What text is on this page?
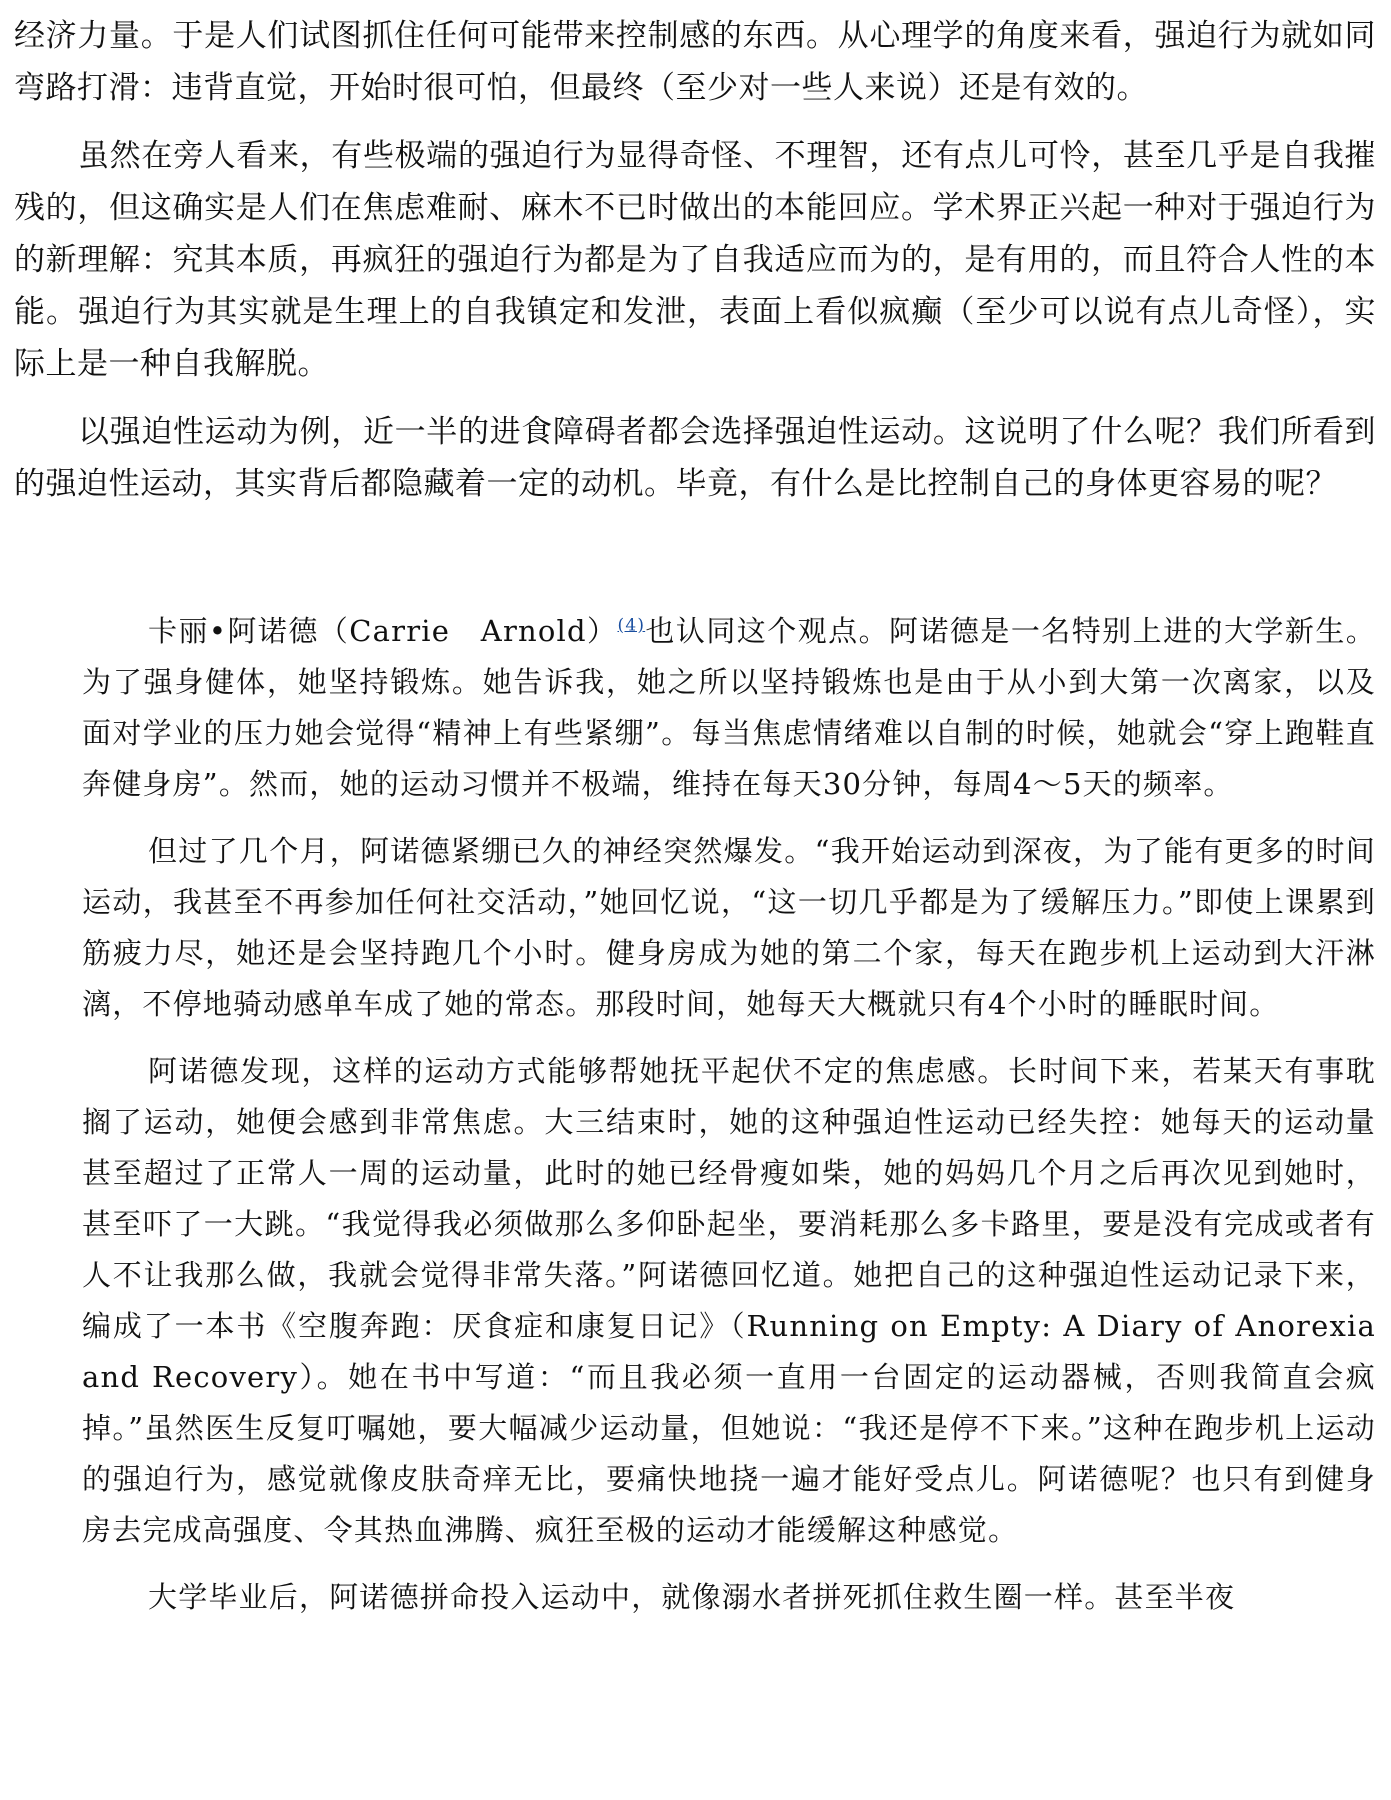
经济力量。于是人们试图抓住任何可能带来控制感的东西。从心理学的角度来看，强迫行为就如同弯路打滑：违背直觉，开始时很可怕，但最终（至少对一些人来说）还是有效的。

虽然在旁人看来，有些极端的强迫行为显得奇怪、不理智，还有点儿可怜，甚至几乎是自我摧残的，但这确实是人们在焦虑难耐、麻木不已时做出的本能回应。学术界正兴起一种对于强迫行为的新理解：究其本质，再疯狂的强迫行为都是为了自我适应而为的，是有用的，而且符合人性的本能。强迫行为其实就是生理上的自我镇定和发泄，表面上看似疯癫（至少可以说有点儿奇怪），实际上是一种自我解脱。

以强迫性运动为例，近一半的进食障碍者都会选择强迫性运动。这说明了什么呢？我们所看到的强迫性运动，其实背后都隐藏着一定的动机。毕竟，有什么是比控制自己的身体更容易的呢？

卡丽•阿诺德（Carrie　Arnold）$^{(4)}$也认同这个观点。阿诺德是一名特别上进的大学新生。为了强身健体，她坚持锻炼。她告诉我，她之所以坚持锻炼也是由于从小到大第一次离家，以及面对学业的压力她会觉得“精神上有些紧绷”。每当焦虑情绪难以自制的时候，她就会“穿上跑鞋直奔健身房”。然而，她的运动习惯并不极端，维持在每天30分钟，每周4～5天的频率。

但过了几个月，阿诺德紧绷已久的神经突然爆发。“我开始运动到深夜，为了能有更多的时间运动，我甚至不再参加任何社交活动，”她回忆说，“这一切几乎都是为了缓解压力。”即使上课累到筋疲力尽，她还是会坚持跑几个小时。健身房成为她的第二个家，每天在跑步机上运动到大汗淋漓，不停地骑动感单车成了她的常态。那段时间，她每天大概就只有4个小时的睡眠时间。

阿诺德发现，这样的运动方式能够帮她抚平起伏不定的焦虑感。长时间下来，若某天有事耽搁了运动，她便会感到非常焦虑。大三结束时，她的这种强迫性运动已经失控：她每天的运动量甚至超过了正常人一周的运动量，此时的她已经骨瘦如柴，她的妈妈几个月之后再次见到她时，甚至吓了一大跳。“我觉得我必须做那么多仰卧起坐，要消耗那么多卡路里，要是没有完成或者有人不让我那么做，我就会觉得非常失落。”阿诺德回忆道。她把自己的这种强迫性运动记录下来，编成了一本书《空腹奔跑：厌食症和康复日记》（Running on Empty: A Diary of Anorexia and Recovery）。她在书中写道：“而且我必须一直用一台固定的运动器械，否则我简直会疯掉。”虽然医生反复叮嘱她，要大幅减少运动量，但她说：“我还是停不下来。”这种在跑步机上运动的强迫行为，感觉就像皮肤奇痒无比，要痛快地挠一遍才能好受点儿。阿诺德呢？也只有到健身房去完成高强度、令其热血沸腾、疯狂至极的运动才能缓解这种感觉。

大学毕业后，阿诺德拼命投入运动中，就像溺水者拼死抓住救生圈一样。甚至半夜
